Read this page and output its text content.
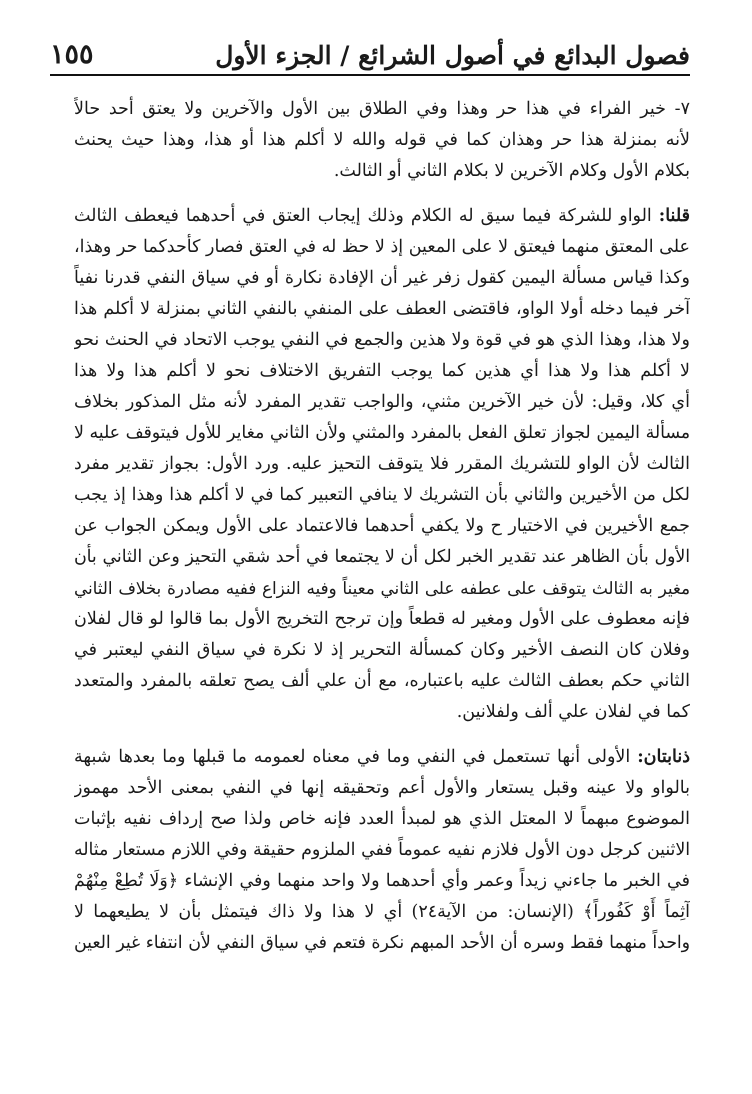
فصول البدائع في أصول الشرائع / الجزء الأول
١٥٥
٧- خير الفراء في هذا حر وهذا وفي الطلاق بين الأول والآخرين ولا يعتق أحد حالاً
لأنه بمنزلة هذا حر وهذان كما في قوله والله لا أكلم هذا أو هذا، وهذا حيث يحنث
بكلام الأول وكلام الآخرين لا بكلام الثاني أو الثالث.
قلنا: الواو للشركة فيما سيق له الكلام وذلك إيجاب العتق في أحدهما فيعطف الثالث
على المعتق منهما فيعتق لا على المعين إذ لا حظ له في العتق فصار كأحدكما حر وهذا،
وكذا قياس مسألة اليمين كقول زفر غير أن الإفادة نكارة أو في سياق النفي قدرنا نفياً
آخر فيما دخله أولا الواو، فاقتضى العطف على المنفي بالنفي الثاني بمنزلة لا أكلم هذا
ولا هذا، وهذا الذي هو في قوة ولا هذين والجمع في النفي يوجب الاتحاد في الحنث نحو
لا أكلم هذا ولا هذا أي هذين كما يوجب التفريق الاختلاف نحو لا أكلم هذا ولا هذا
أي كلا، وقيل: لأن خير الآخرين مثني، والواجب تقدير المفرد لأنه مثل المذكور بخلاف
مسألة اليمين لجواز تعلق الفعل بالمفرد والمثني ولأن الثاني مغاير للأول فيتوقف عليه لا
الثالث لأن الواو للتشريك المقرر فلا يتوقف التحيز عليه. ورد الأول: بجواز تقدير مفرد
لكل من الأخيرين والثاني بأن التشريك لا ينافي التعبير كما في لا أكلم هذا وهذا إذ يجب
جمع الأخيرين في الاختيار ح ولا يكفي أحدهما فالاعتماد على الأول ويمكن الجواب عن
الأول بأن الظاهر عند تقدير الخبر لكل أن لا يجتمعا في أحد شقي التحيز وعن الثاني بأن
مغير به الثالث يتوقف على عطفه على الثاني معيناً وفيه النزاع ففيه مصادرة بخلاف الثاني
فإنه معطوف على الأول ومغير له قطعاً وإن ترجح التخريج الأول بما قالوا لو قال لفلان
وفلان كان النصف الأخير وكان كمسألة التحرير إذ لا نكرة في سياق النفي ليعتبر في
الثاني حكم بعطف الثالث عليه باعتباره، مع أن علي ألف يصح تعلقه بالمفرد والمتعدد
كما في لفلان علي ألف ولفلانين.
ذنابتان: الأولى أنها تستعمل في النفي وما في معناه لعمومه ما قبلها وما بعدها شبهة
بالواو ولا عينه وقبل يستعار والأول أعم وتحقيقه إنها في النفي بمعنى الأحد مهموز
الموضوع مبهماً لا المعتل الذي هو لمبدأ العدد فإنه خاص ولذا صح إرداف نفيه بإثبات
الاثنين كرجل دون الأول فلازم نفيه عموماً ففي الملزوم حقيقة وفي اللازم مستعار مثاله
في الخبر ما جاءني زيداً وعمر وأي أحدهما ولا واحد منهما وفي الإنشاء ﴿وَلَا تُطِعْ مِنْهُمْ
آثِماً أَوْ كَفُوراً﴾ (الإنسان: من الآية٢٤) أي لا هذا ولا ذاك فيتمثل بأن لا يطيعهما لا
واحداً منهما فقط وسره أن الأحد المبهم نكرة فتعم في سياق النفي لأن انتفاء غير العين
